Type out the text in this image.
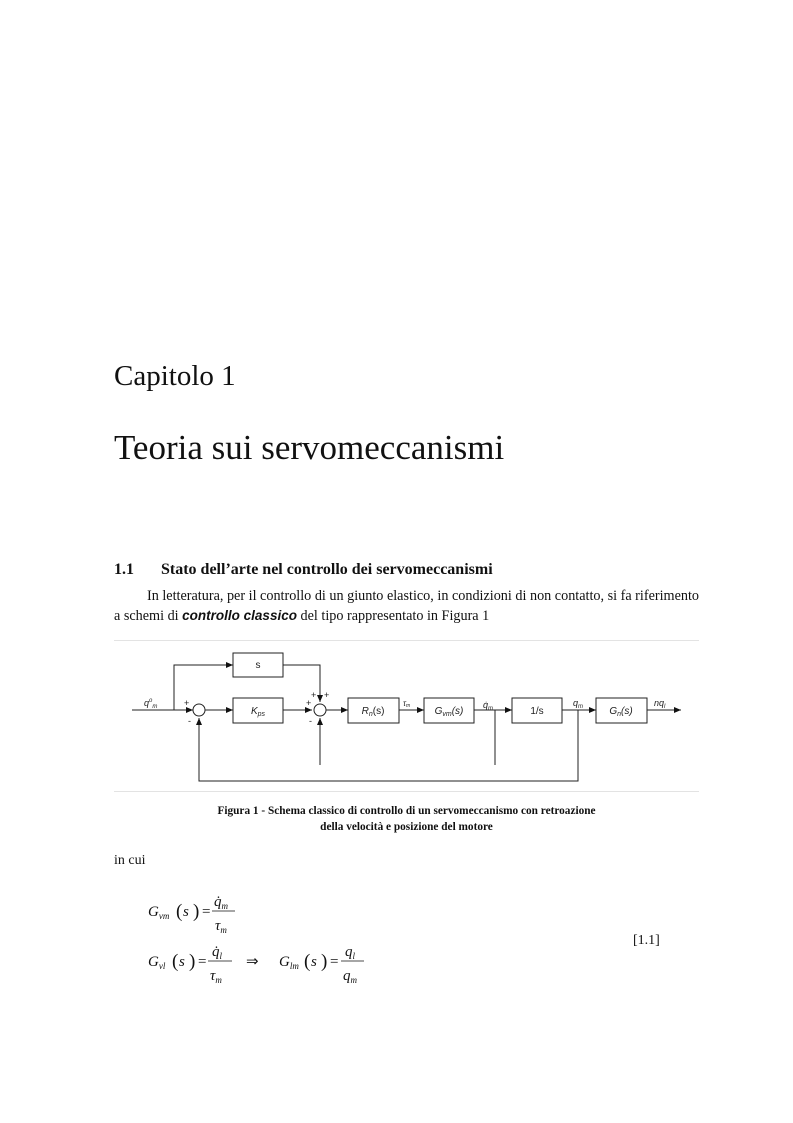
Capitolo 1
Teoria sui servomeccanismi
1.1 Stato dell’arte nel controllo dei servomeccanismi
In letteratura, per il controllo di un giunto elastico, in condizioni di non contatto, si fa riferimento a schemi di controllo classico del tipo rappresentato in Figura 1
s
$K_{ps}$	$R_n(s)$	$G_{vm}(s)$	1/s	$G_n(s)$
$q^o_m$	τm	$q̇_m$
$q_m$	$nq_l$
+
-
+
+ +
-
Figura 1 - Schema classico di controllo di un servomeccanismo con retroazione
della velocità e posizione del motore
in cui
$G_{vm}$ ( s ) =
$q̇_m$
$\tau_m$
$G_{vl}$ ( s ) =
$q̇_l$
$\tau_m$
⇒ $G_{lm}$ ( s ) =
$q_l$
$q_m$
[1.1]
